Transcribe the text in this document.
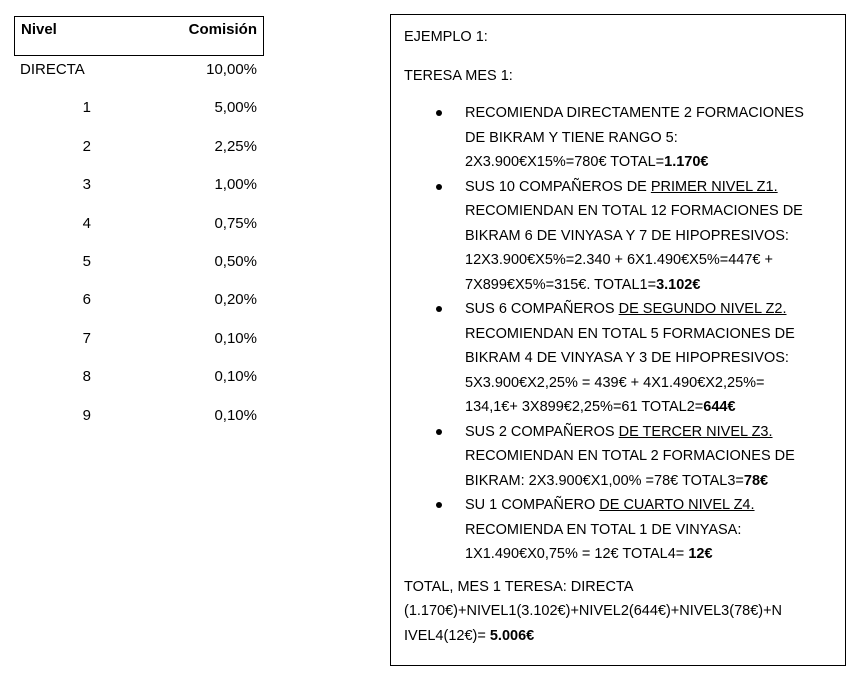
Nivel	Comisión
DIRECTA	10,00%
1	5,00%
2	2,25%
3	1,00%
4	0,75%
5	0,50%
6	0,20%
7	0,10%
8	0,10%
9	0,10%

EJEMPLO 1:

TERESA MES 1:

RECOMIENDA DIRECTAMENTE 2 FORMACIONES
DE BIKRAM Y TIENE RANGO 5:
2X3.900€X15%=780€ TOTAL=1.170€
SUS 10 COMPAÑEROS DE PRIMER NIVEL Z1.
RECOMIENDAN EN TOTAL 12 FORMACIONES DE
BIKRAM 6 DE VINYASA Y 7 DE HIPOPRESIVOS:
12X3.900€X5%=2.340 + 6X1.490€X5%=447€ +
7X899€X5%=315€. TOTAL1=3.102€
SUS 6 COMPAÑEROS DE SEGUNDO NIVEL Z2.
RECOMIENDAN EN TOTAL 5 FORMACIONES DE
BIKRAM 4 DE VINYASA Y 3 DE HIPOPRESIVOS:
5X3.900€X2,25% = 439€ + 4X1.490€X2,25%=
134,1€+ 3X899€2,25%=61 TOTAL2=644€
SUS 2 COMPAÑEROS DE TERCER NIVEL Z3.
RECOMIENDAN EN TOTAL 2 FORMACIONES DE
BIKRAM: 2X3.900€X1,00% =78€ TOTAL3=78€
SU 1 COMPAÑERO DE CUARTO NIVEL Z4.
RECOMIENDA EN TOTAL 1 DE VINYASA:
1X1.490€X0,75% = 12€ TOTAL4= 12€
TOTAL, MES 1 TERESA: DIRECTA
(1.170€)+NIVEL1(3.102€)+NIVEL2(644€)+NIVEL3(78€)+N
IVEL4(12€)= 5.006€
